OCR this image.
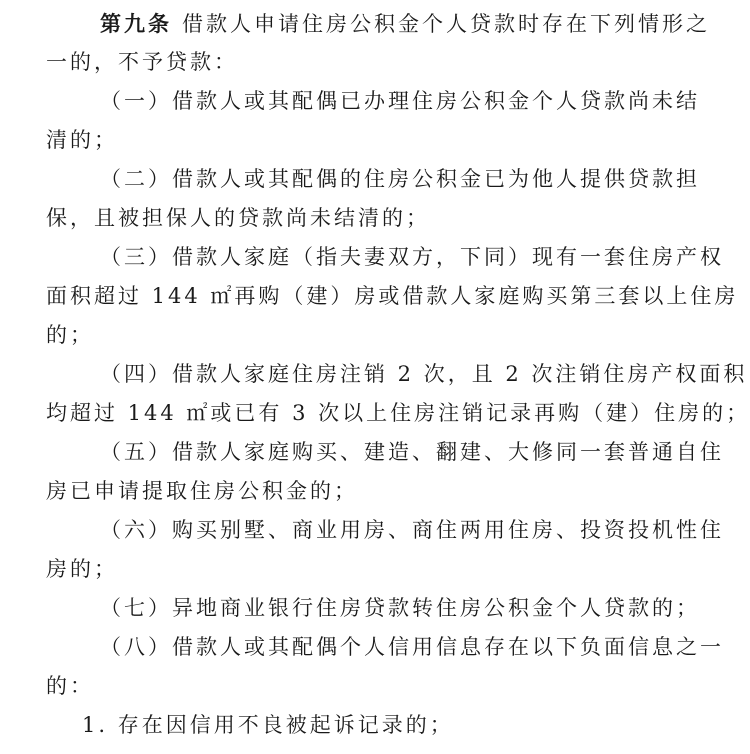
第九条 借款人申请住房公积金个人贷款时存在下列情形之
一的，不予贷款：
（一）借款人或其配偶已办理住房公积金个人贷款尚未结
清的；
（二）借款人或其配偶的住房公积金已为他人提供贷款担
保，且被担保人的贷款尚未结清的；
（三）借款人家庭（指夫妻双方，下同）现有一套住房产权
面积超过 144 ㎡再购（建）房或借款人家庭购买第三套以上住房
的；
（四）借款人家庭住房注销 2 次，且 2 次注销住房产权面积
均超过 144 ㎡或已有 3 次以上住房注销记录再购（建）住房的；
（五）借款人家庭购买、建造、翻建、大修同一套普通自住
房已申请提取住房公积金的；
（六）购买别墅、商业用房、商住两用住房、投资投机性住
房的；
（七）异地商业银行住房贷款转住房公积金个人贷款的；
（八）借款人或其配偶个人信用信息存在以下负面信息之一
的：
1. 存在因信用不良被起诉记录的；
